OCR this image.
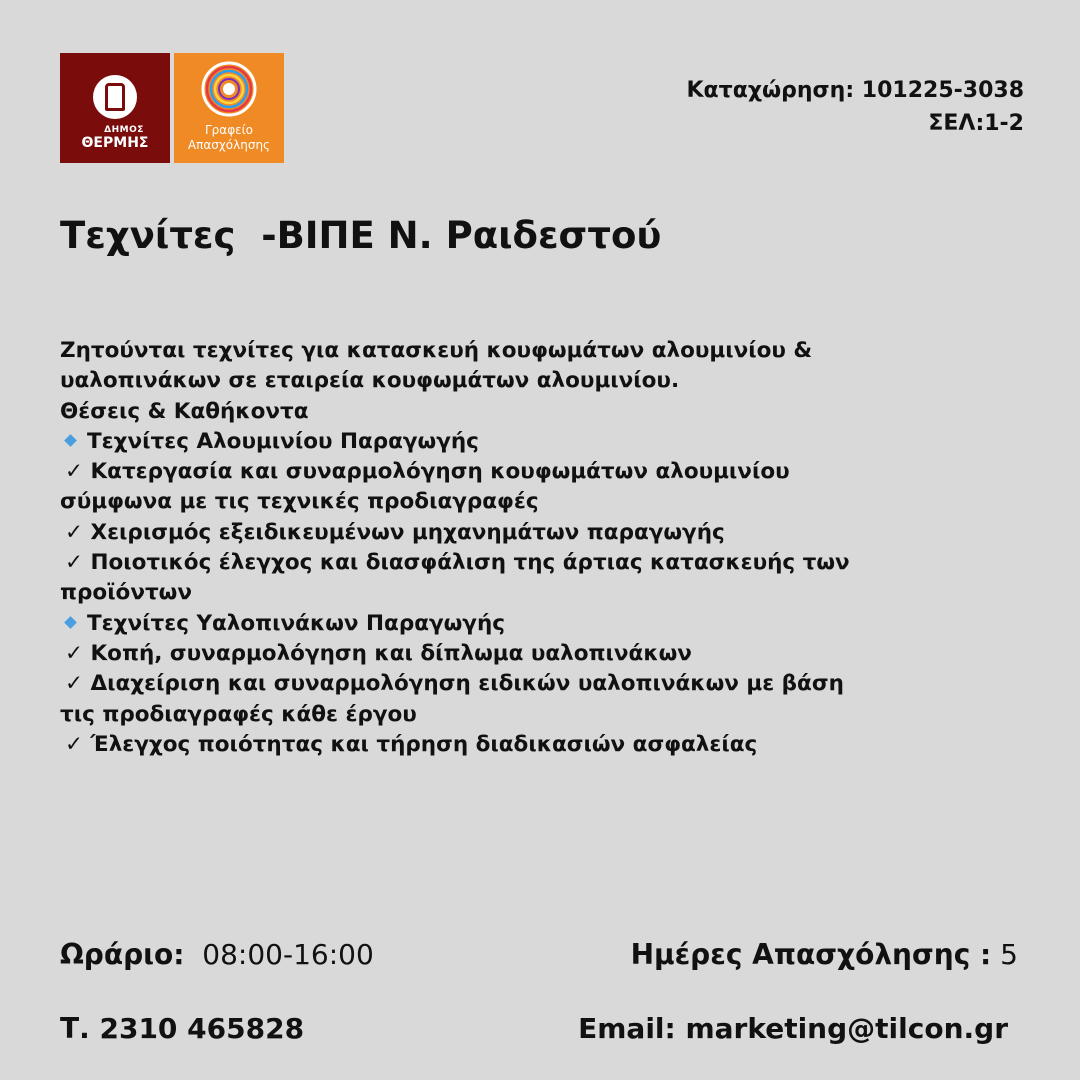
ΔΗΜΟΣ
ΘΕΡΜΗΣ
Γραφείο
Απασχόλησης
Καταχώρηση: 101225-3038
ΣΕΛ:1-2
Τεχνίτες  -ΒΙΠΕ Ν. Ραιδεστού
Ζητούνται τεχνίτες για κατασκευή κουφωμάτων αλουμινίου &
υαλοπινάκων σε εταιρεία κουφωμάτων αλουμινίου.
Θέσεις & Καθήκοντα
Τεχνίτες Αλουμινίου Παραγωγής
✓ Κατεργασία και συναρμολόγηση κουφωμάτων αλουμινίου
σύμφωνα με τις τεχνικές προδιαγραφές
✓ Χειρισμός εξειδικευμένων μηχανημάτων παραγωγής
✓ Ποιοτικός έλεγχος και διασφάλιση της άρτιας κατασκευής των
προϊόντων
Τεχνίτες Υαλοπινάκων Παραγωγής
✓ Κοπή, συναρμολόγηση και δίπλωμα υαλοπινάκων
✓ Διαχείριση και συναρμολόγηση ειδικών υαλοπινάκων με βάση
τις προδιαγραφές κάθε έργου
✓ Έλεγχος ποιότητας και τήρηση διαδικασιών ασφαλείας
Ωράριο: 08:00-16:00	Ημέρες Απασχόλησης : 5
Τ. 2310 465828	Email: marketing@tilcon.gr
